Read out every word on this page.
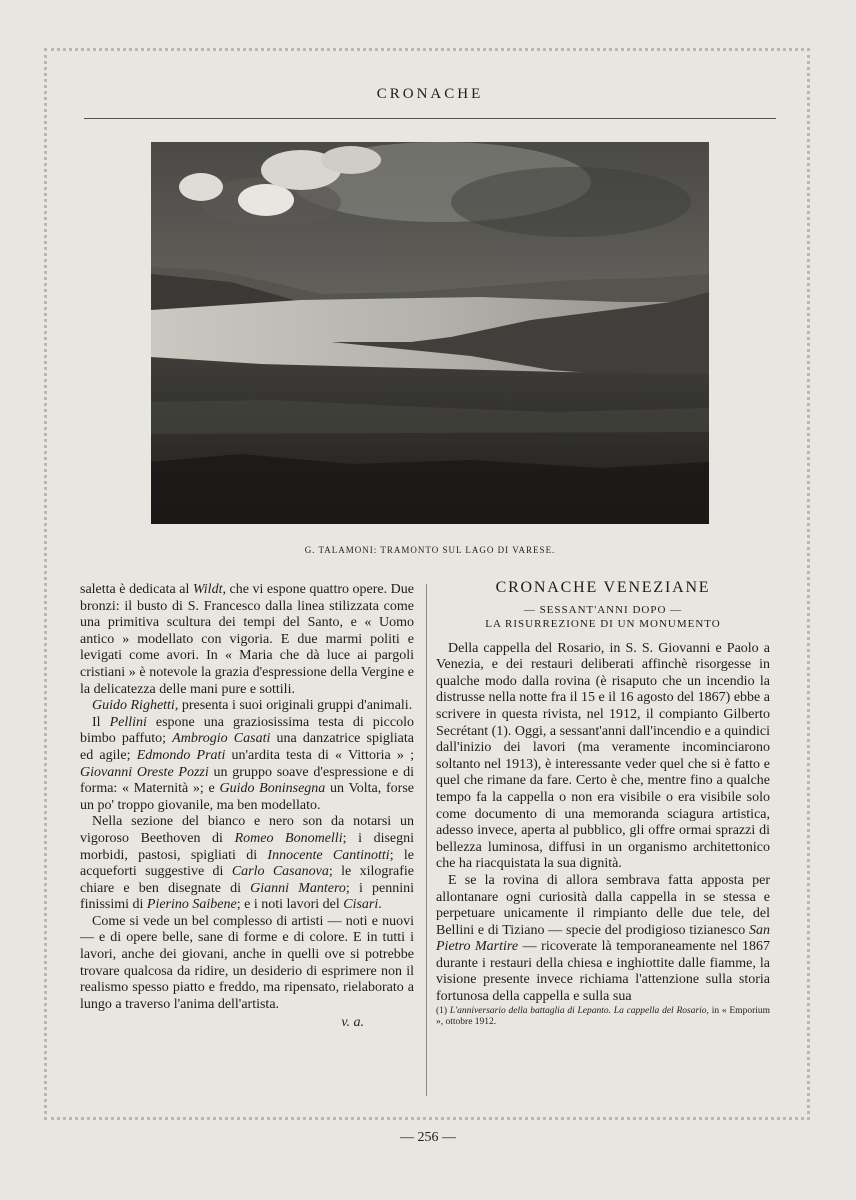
CRONACHE
G. TALAMONI: TRAMONTO SUL LAGO DI VARESE.

saletta è dedicata al Wildt, che vi espone quattro opere. Due bronzi: il busto di S. Francesco dalla linea stilizzata come una primitiva scultura dei tempi del Santo, e « Uomo antico » modellato con vigoria. E due marmi politi e levigati come avori. In « Maria che dà luce ai pargoli cristiani » è notevole la grazia d'espressione della Vergine e la delicatezza delle mani pure e sottili.

Guido Righetti, presenta i suoi originali gruppi d'animali.

Il Pellini espone una graziosissima testa di piccolo bimbo paffuto; Ambrogio Casati una danzatrice spigliata ed agile; Edmondo Prati un'ardita testa di « Vittoria » ; Giovanni Oreste Pozzi un gruppo soave d'espressione e di forma: « Maternità »; e Guido Boninsegna un Volta, forse un po' troppo giovanile, ma ben modellato.

Nella sezione del bianco e nero son da notarsi un vigoroso Beethoven di Romeo Bonomelli; i disegni morbidi, pastosi, spigliati di Innocente Cantinotti; le acqueforti suggestive di Carlo Casanova; le xilografie chiare e ben disegnate di Gianni Mantero; i pennini finissimi di Pierino Saibene; e i noti lavori del Cisari.

Come si vede un bel complesso di artisti — noti e nuovi — e di opere belle, sane di forme e di colore. E in tutti i lavori, anche dei giovani, anche in quelli ove si potrebbe trovare qualcosa da ridire, un desiderio di esprimere non il realismo spesso piatto e freddo, ma ripensato, rielaborato a lungo a traverso l'anima dell'artista.

v. a.
CRONACHE VENEZIANE
— SESSANT'ANNI DOPO —
LA RISURREZIONE DI UN MONUMENTO

Della cappella del Rosario, in S. S. Giovanni e Paolo a Venezia, e dei restauri deliberati affinchè risorgesse in qualche modo dalla rovina (è risaputo che un incendio la distrusse nella notte fra il 15 e il 16 agosto del 1867) ebbe a scrivere in questa rivista, nel 1912, il compianto Gilberto Secrétant (1). Oggi, a sessant'anni dall'incendio e a quindici dall'inizio dei lavori (ma veramente incominciarono soltanto nel 1913), è interessante veder quel che si è fatto e quel che rimane da fare. Certo è che, mentre fino a qualche tempo fa la cappella o non era visibile o era visibile solo come documento di una memoranda sciagura artistica, adesso invece, aperta al pubblico, gli offre ormai sprazzi di bellezza luminosa, diffusi in un organismo architettonico che ha riacquistata la sua dignità.

E se la rovina di allora sembrava fatta apposta per allontanare ogni curiosità dalla cappella in se stessa e perpetuare unicamente il rimpianto delle due tele, del Bellini e di Tiziano — specie del prodigioso tizianesco San Pietro Martire — ricoverate là temporaneamente nel 1867 durante i restauri della chiesa e inghiottite dalle fiamme, la visione presente invece richiama l'attenzione sulla storia fortunosa della cappella e sulla sua

(1) L'anniversario della battaglia di Lepanto. La cappella del Rosario, in « Emporium », ottobre 1912.

— 256 —
